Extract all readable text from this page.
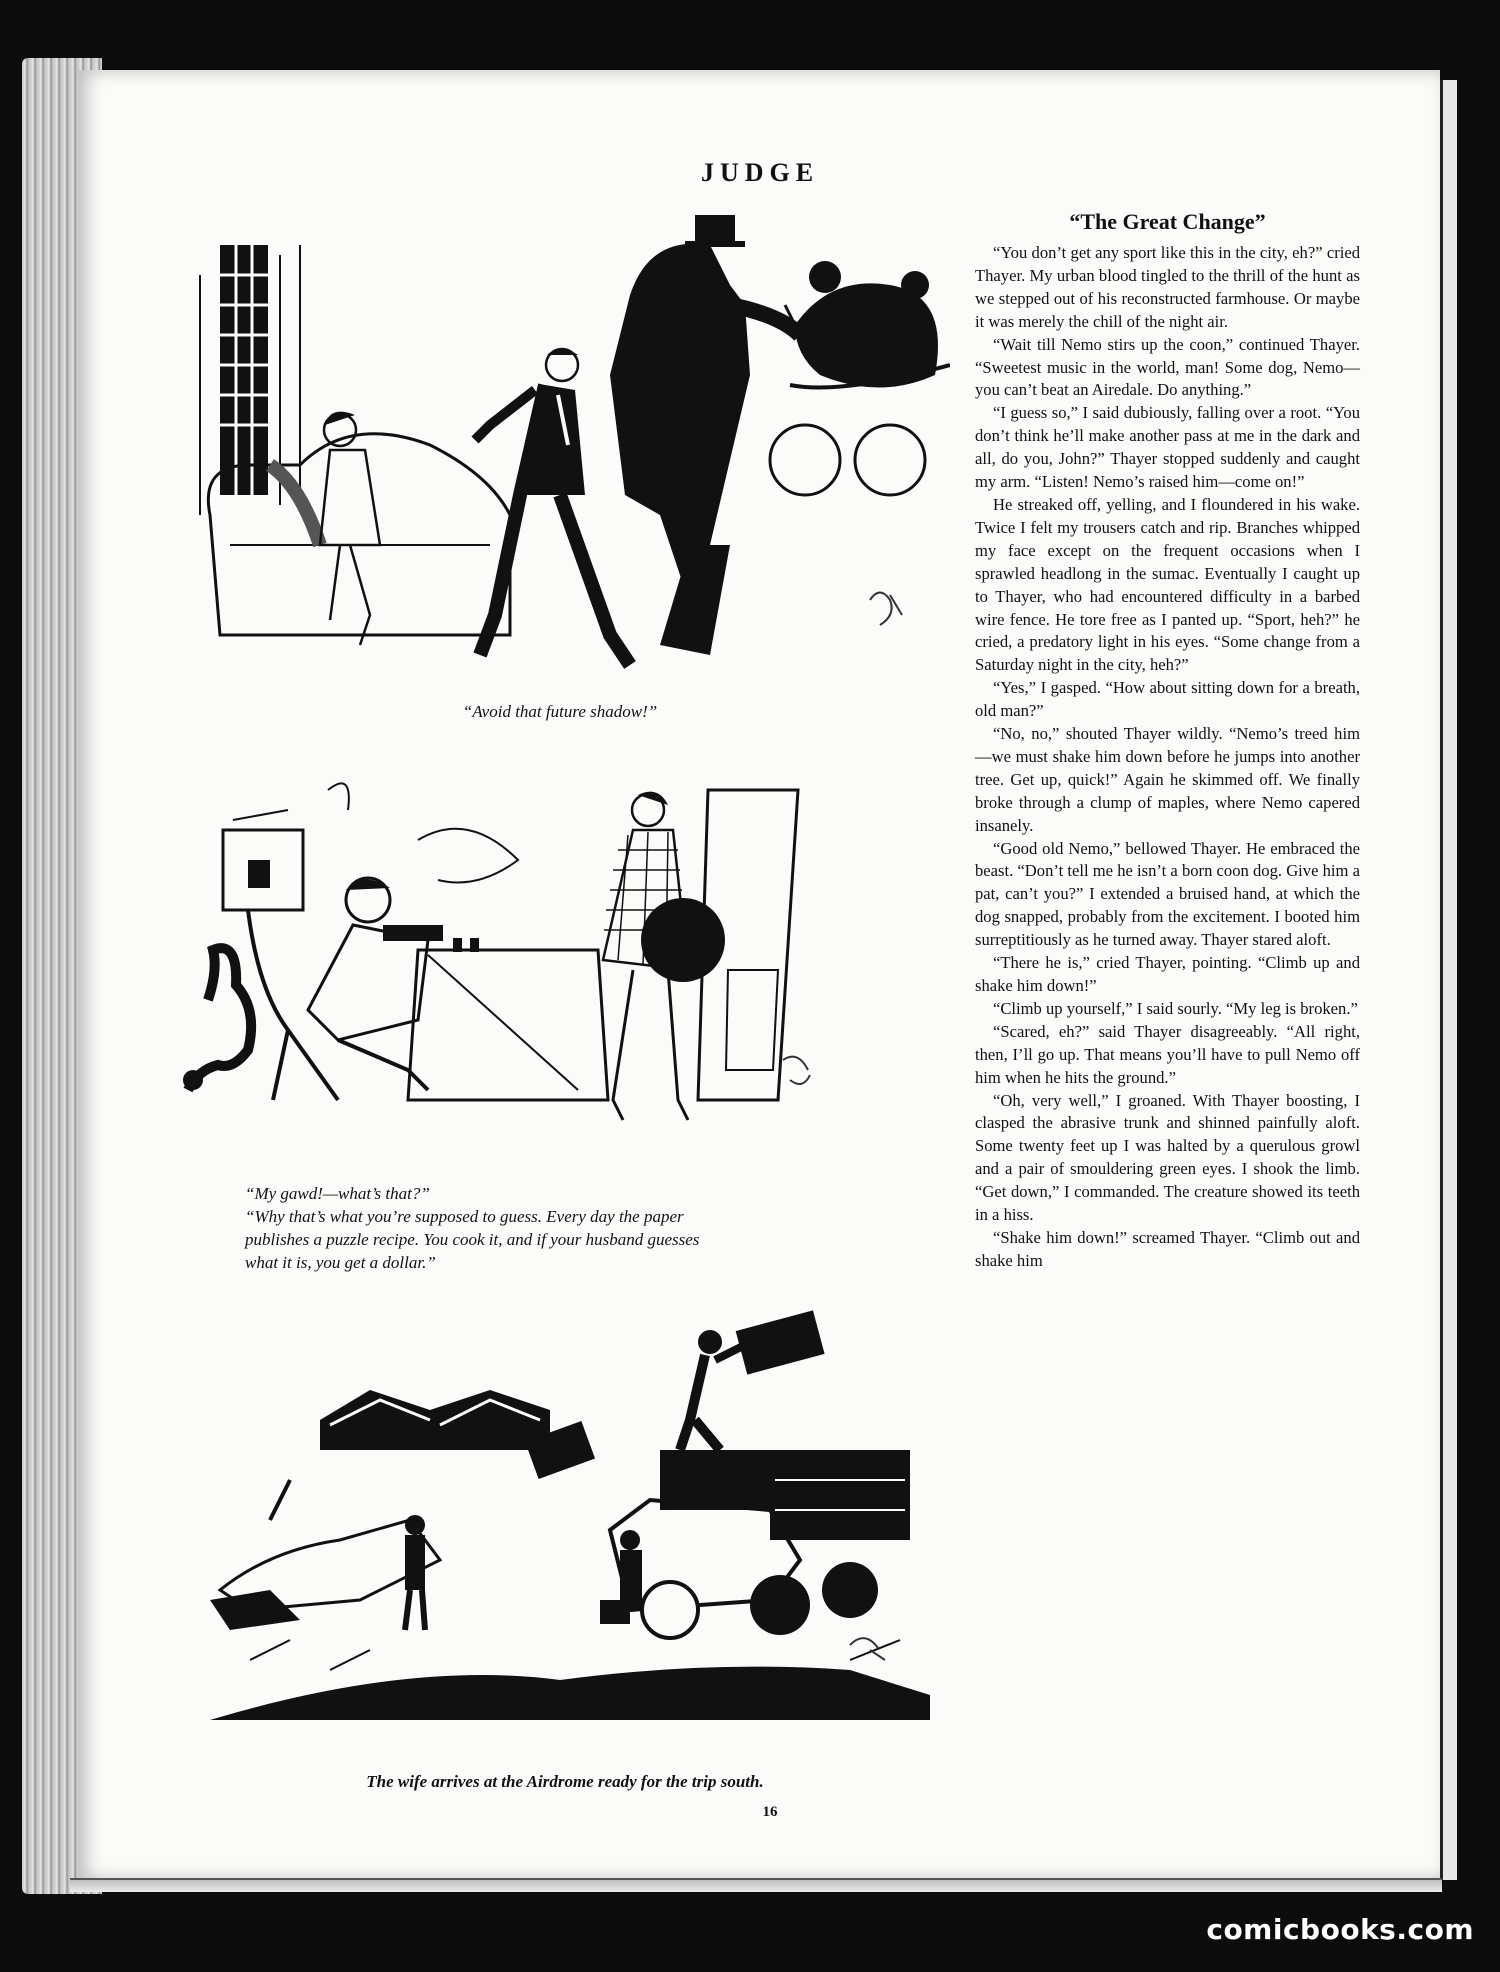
JUDGE
“Avoid that future shadow!”
“My gawd!—what’s that?”
“Why that’s what you’re supposed to guess. Every day the paper
publishes a puzzle recipe. You cook it, and if your husband guesses
what it is, you get a dollar.”
The wife arrives at the Airdrome ready for the trip south.
16
“The Great Change”

“You don’t get any sport like this in the city, eh?” cried Thayer. My urban blood tingled to the thrill of the hunt as we stepped out of his reconstructed farmhouse. Or maybe it was merely the chill of the night air.

“Wait till Nemo stirs up the coon,” continued Thayer. “Sweetest music in the world, man! Some dog, Nemo—you can’t beat an Airedale. Do anything.”

“I guess so,” I said dubiously, falling over a root. “You don’t think he’ll make another pass at me in the dark and all, do you, John?” Thayer stopped suddenly and caught my arm. “Listen! Nemo’s raised him—come on!”

He streaked off, yelling, and I floundered in his wake. Twice I felt my trousers catch and rip. Branches whipped my face except on the frequent occasions when I sprawled headlong in the sumac. Eventually I caught up to Thayer, who had encountered difficulty in a barbed wire fence. He tore free as I panted up. “Sport, heh?” he cried, a predatory light in his eyes. “Some change from a Saturday night in the city, heh?”

“Yes,” I gasped. “How about sitting down for a breath, old man?”

“No, no,” shouted Thayer wildly. “Nemo’s treed him—we must shake him down before he jumps into another tree. Get up, quick!” Again he skimmed off. We finally broke through a clump of maples, where Nemo capered insanely.

“Good old Nemo,” bellowed Thayer. He embraced the beast. “Don’t tell me he isn’t a born coon dog. Give him a pat, can’t you?” I extended a bruised hand, at which the dog snapped, probably from the excitement. I booted him surreptitiously as he turned away. Thayer stared aloft.

“There he is,” cried Thayer, pointing. “Climb up and shake him down!”

“Climb up yourself,” I said sourly. “My leg is broken.”

“Scared, eh?” said Thayer disagreeably. “All right, then, I’ll go up. That means you’ll have to pull Nemo off him when he hits the ground.”

“Oh, very well,” I groaned. With Thayer boosting, I clasped the abrasive trunk and shinned painfully aloft. Some twenty feet up I was halted by a querulous growl and a pair of smouldering green eyes. I shook the limb. “Get down,” I commanded. The creature showed its teeth in a hiss.

“Shake him down!” screamed Thayer. “Climb out and shake him

comicbooks.com
